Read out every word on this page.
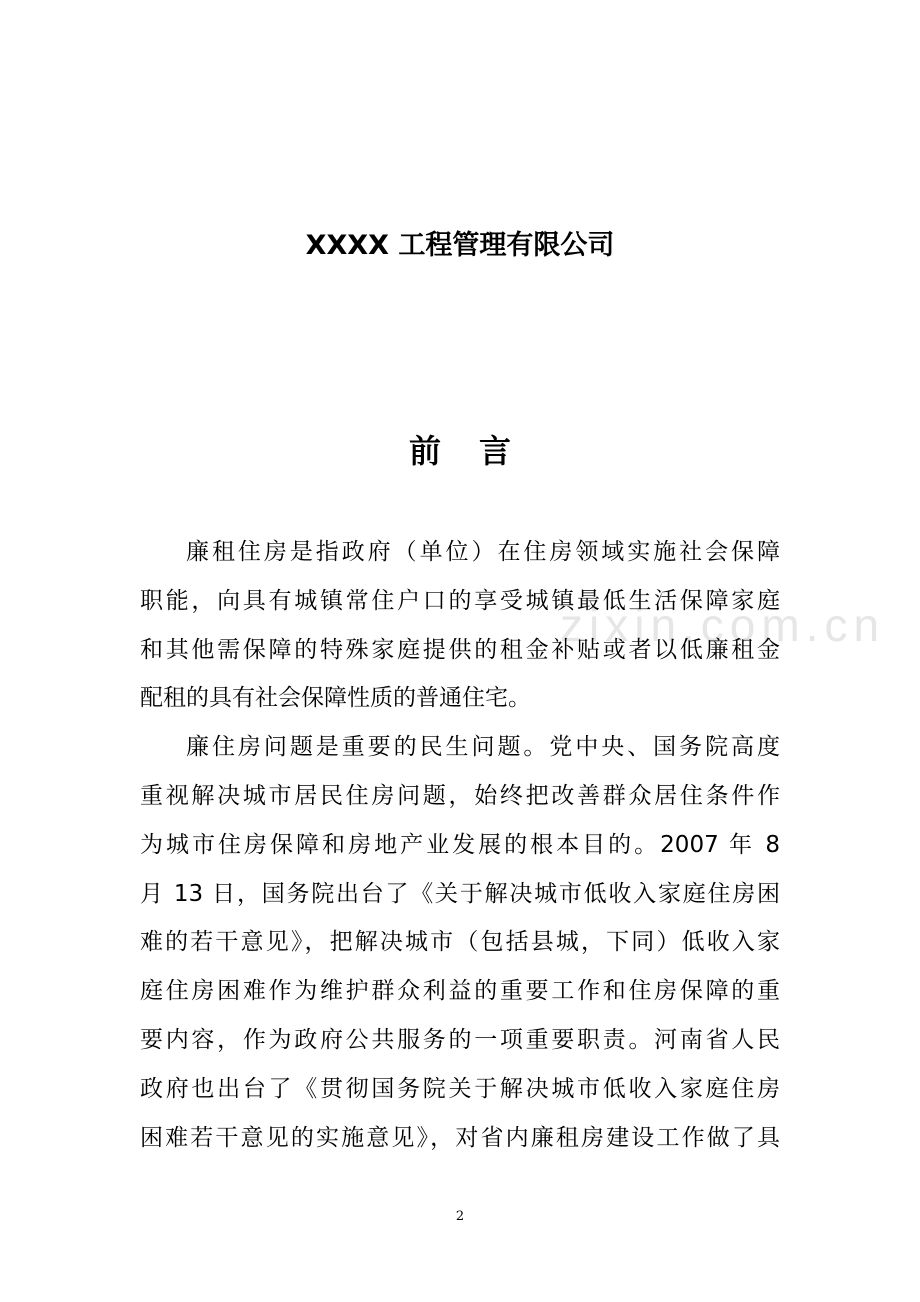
zixin.com.cn
XXXX 工程管理有限公司
前言
廉租住房是指政府（单位）在住房领域实施社会保障
职能，向具有城镇常住户口的享受城镇最低生活保障家庭
和其他需保障的特殊家庭提供的租金补贴或者以低廉租金
配租的具有社会保障性质的普通住宅。
廉住房问题是重要的民生问题。党中央、国务院高度
重视解决城市居民住房问题，始终把改善群众居住条件作
为城市住房保障和房地产业发展的根本目的。2007 年 8
月 13 日，国务院出台了《关于解决城市低收入家庭住房困
难的若干意见》，把解决城市（包括县城，下同）低收入家
庭住房困难作为维护群众利益的重要工作和住房保障的重
要内容，作为政府公共服务的一项重要职责。河南省人民
政府也出台了《贯彻国务院关于解决城市低收入家庭住房
困难若干意见的实施意见》，对省内廉租房建设工作做了具
2
